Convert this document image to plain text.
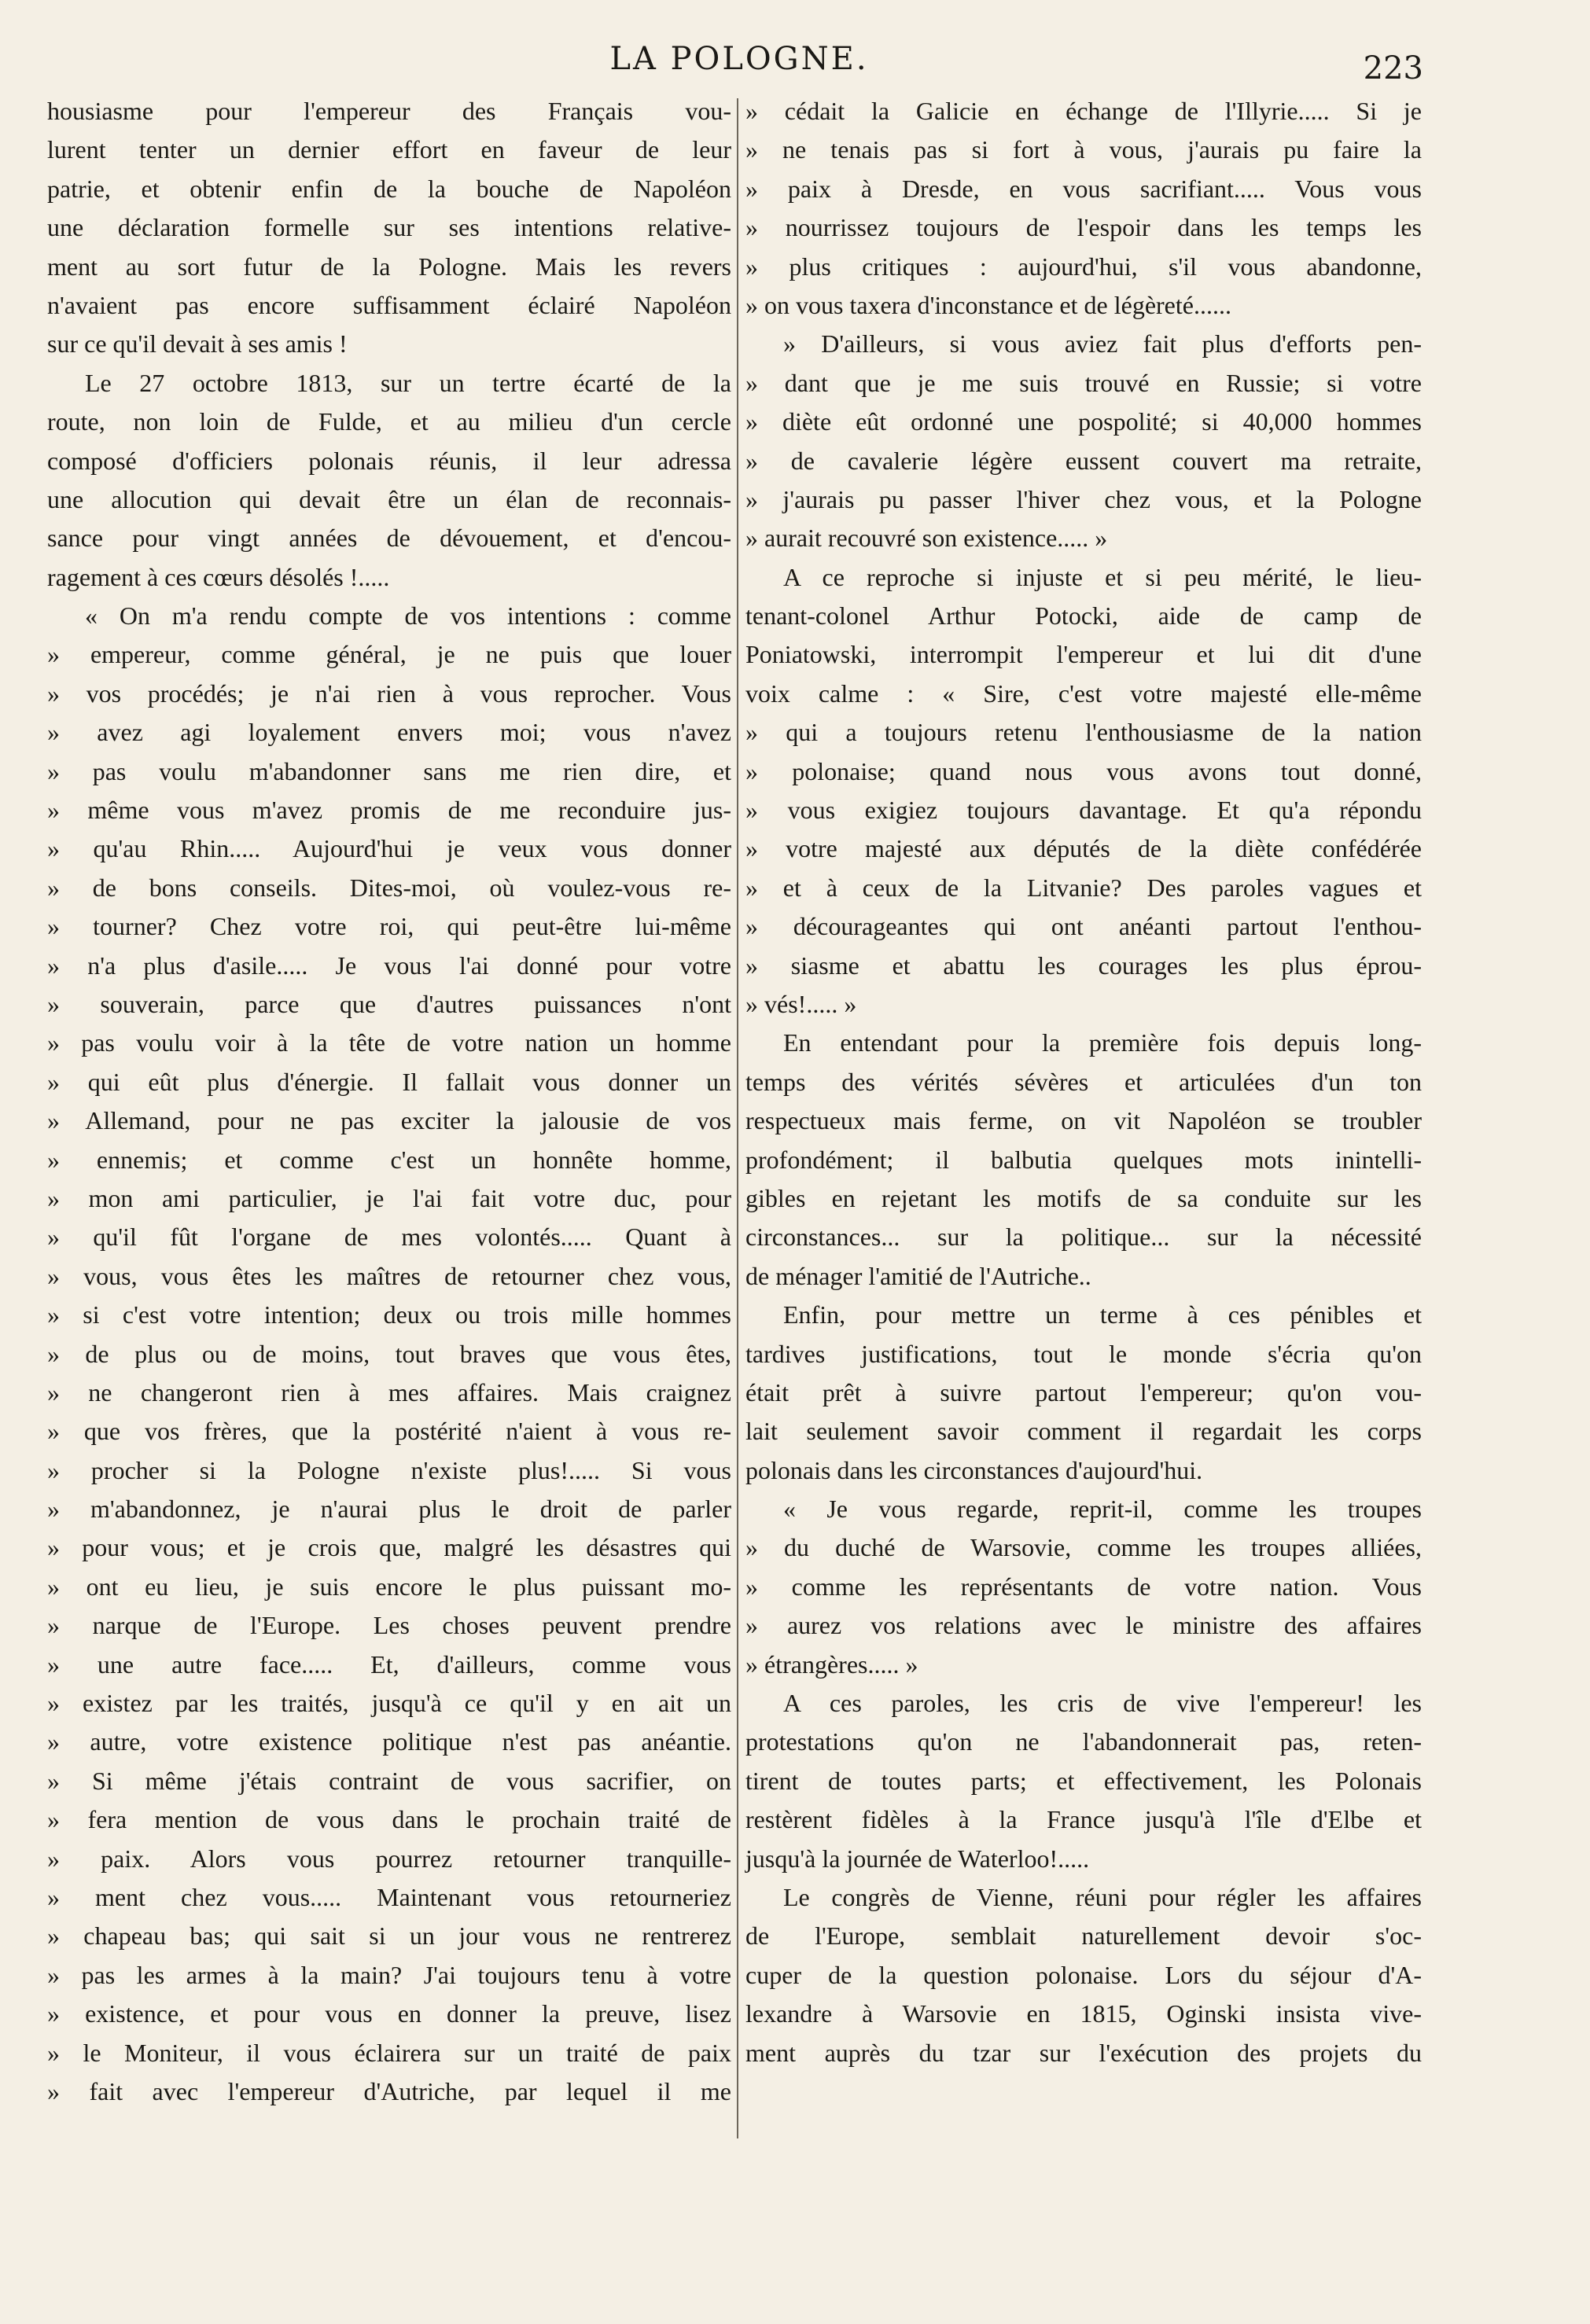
LA POLOGNE.	223
housiasme pour l'empereur des Français vou-
lurent tenter un dernier effort en faveur de leur
patrie, et obtenir enfin de la bouche de Napoléon
une déclaration formelle sur ses intentions relative-
ment au sort futur de la Pologne. Mais les revers
n'avaient pas encore suffisamment éclairé Napoléon
sur ce qu'il devait à ses amis !
Le 27 octobre 1813, sur un tertre écarté de la
route, non loin de Fulde, et au milieu d'un cercle
composé d'officiers polonais réunis, il leur adressa
une allocution qui devait être un élan de reconnais-
sance pour vingt années de dévouement, et d'encou-
ragement à ces cœurs désolés !.....
« On m'a rendu compte de vos intentions : comme
» empereur, comme général, je ne puis que louer
» vos procédés; je n'ai rien à vous reprocher. Vous
» avez agi loyalement envers moi; vous n'avez
» pas voulu m'abandonner sans me rien dire, et
» même vous m'avez promis de me reconduire jus-
» qu'au Rhin..... Aujourd'hui je veux vous donner
» de bons conseils. Dites-moi, où voulez-vous re-
» tourner? Chez votre roi, qui peut-être lui-même
» n'a plus d'asile..... Je vous l'ai donné pour votre
» souverain, parce que d'autres puissances n'ont
» pas voulu voir à la tête de votre nation un homme
» qui eût plus d'énergie. Il fallait vous donner un
» Allemand, pour ne pas exciter la jalousie de vos
» ennemis; et comme c'est un honnête homme,
» mon ami particulier, je l'ai fait votre duc, pour
» qu'il fût l'organe de mes volontés..... Quant à
» vous, vous êtes les maîtres de retourner chez vous,
» si c'est votre intention; deux ou trois mille hommes
» de plus ou de moins, tout braves que vous êtes,
» ne changeront rien à mes affaires. Mais craignez
» que vos frères, que la postérité n'aient à vous re-
» procher si la Pologne n'existe plus!..... Si vous
» m'abandonnez, je n'aurai plus le droit de parler
» pour vous; et je crois que, malgré les désastres qui
» ont eu lieu, je suis encore le plus puissant mo-
» narque de l'Europe. Les choses peuvent prendre
» une autre face..... Et, d'ailleurs, comme vous
» existez par les traités, jusqu'à ce qu'il y en ait un
» autre, votre existence politique n'est pas anéantie.
» Si même j'étais contraint de vous sacrifier, on
» fera mention de vous dans le prochain traité de
» paix. Alors vous pourrez retourner tranquille-
» ment chez vous..... Maintenant vous retourneriez
» chapeau bas; qui sait si un jour vous ne rentrerez
» pas les armes à la main? J'ai toujours tenu à votre
» existence, et pour vous en donner la preuve, lisez
» le Moniteur, il vous éclairera sur un traité de paix
» fait avec l'empereur d'Autriche, par lequel il me
» cédait la Galicie en échange de l'Illyrie..... Si je
» ne tenais pas si fort à vous, j'aurais pu faire la
» paix à Dresde, en vous sacrifiant..... Vous vous
» nourrissez toujours de l'espoir dans les temps les
» plus critiques : aujourd'hui, s'il vous abandonne,
» on vous taxera d'inconstance et de légèreté......
» D'ailleurs, si vous aviez fait plus d'efforts pen-
» dant que je me suis trouvé en Russie; si votre
» diète eût ordonné une pospolité; si 40,000 hommes
» de cavalerie légère eussent couvert ma retraite,
» j'aurais pu passer l'hiver chez vous, et la Pologne
» aurait recouvré son existence..... »
A ce reproche si injuste et si peu mérité, le lieu-
tenant-colonel Arthur Potocki, aide de camp de
Poniatowski, interrompit l'empereur et lui dit d'une
voix calme : « Sire, c'est votre majesté elle-même
» qui a toujours retenu l'enthousiasme de la nation
» polonaise; quand nous vous avons tout donné,
» vous exigiez toujours davantage. Et qu'a répondu
» votre majesté aux députés de la diète confédérée
» et à ceux de la Litvanie? Des paroles vagues et
» décourageantes qui ont anéanti partout l'enthou-
» siasme et abattu les courages les plus éprou-
» vés!..... »
En entendant pour la première fois depuis long-
temps des vérités sévères et articulées d'un ton
respectueux mais ferme, on vit Napoléon se troubler
profondément; il balbutia quelques mots inintelli-
gibles en rejetant les motifs de sa conduite sur les
circonstances... sur la politique... sur la nécessité
de ménager l'amitié de l'Autriche..
Enfin, pour mettre un terme à ces pénibles et
tardives justifications, tout le monde s'écria qu'on
était prêt à suivre partout l'empereur; qu'on vou-
lait seulement savoir comment il regardait les corps
polonais dans les circonstances d'aujourd'hui.
« Je vous regarde, reprit-il, comme les troupes
» du duché de Warsovie, comme les troupes alliées,
» comme les représentants de votre nation. Vous
» aurez vos relations avec le ministre des affaires
» étrangères..... »
A ces paroles, les cris de vive l'empereur! les
protestations qu'on ne l'abandonnerait pas, reten-
tirent de toutes parts; et effectivement, les Polonais
restèrent fidèles à la France jusqu'à l'île d'Elbe et
jusqu'à la journée de Waterloo!.....
Le congrès de Vienne, réuni pour régler les affaires
de l'Europe, semblait naturellement devoir s'oc-
cuper de la question polonaise. Lors du séjour d'A-
lexandre à Warsovie en 1815, Oginski insista vive-
ment auprès du tzar sur l'exécution des projets du
